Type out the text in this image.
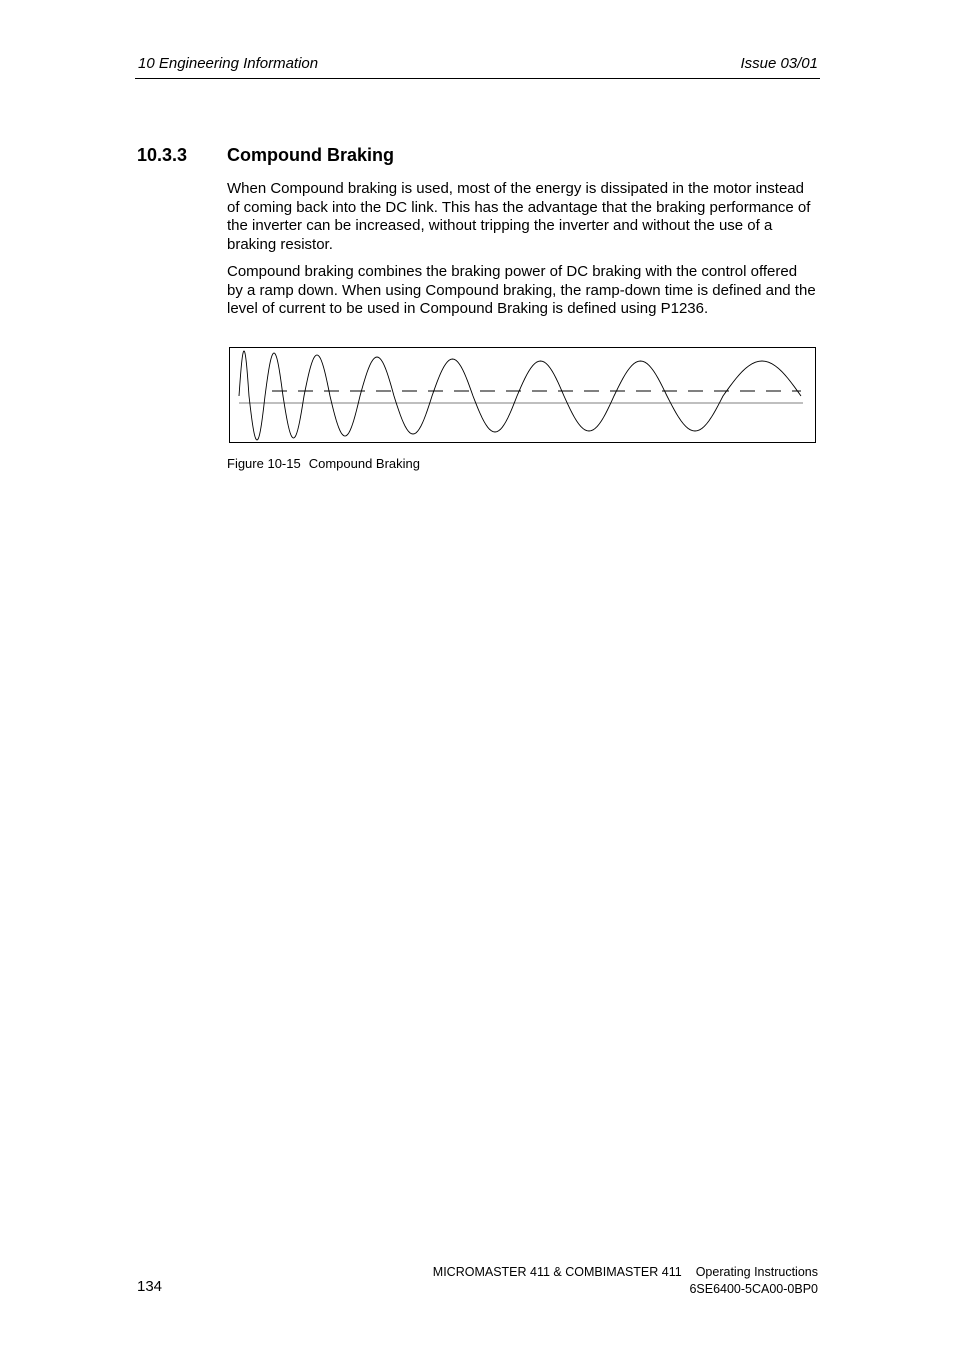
10 Engineering Information	Issue 03/01
10.3.3 Compound Braking

When Compound braking is used, most of the energy is dissipated in the motor instead of coming back into the DC link. This has the advantage that the braking performance of the inverter can be increased, without tripping the inverter and without the use of a braking resistor.

Compound braking combines the braking power of DC braking with the control offered by a ramp down. When using Compound braking, the ramp-down time is defined and the level of current to be used in Compound Braking is defined using P1236.

Figure 10-15 Compound Braking
134
MICROMASTER 411 & COMBIMASTER 411 Operating Instructions
6SE6400-5CA00-0BP0
